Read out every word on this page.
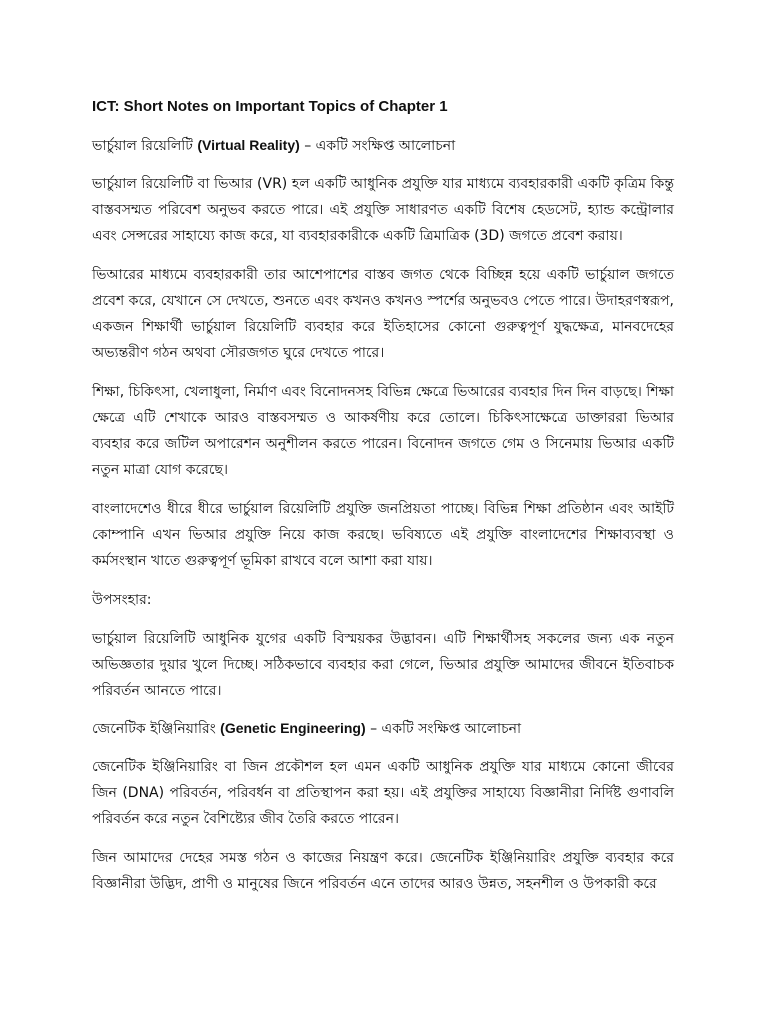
ICT: Short Notes on Important Topics of Chapter 1
ভার্চুয়াল রিয়েলিটি (Virtual Reality) – একটি সংক্ষিপ্ত আলোচনা

ভার্চুয়াল রিয়েলিটি বা ভিআর (VR) হল একটি আধুনিক প্রযুক্তি যার মাধ্যমে ব্যবহারকারী একটি কৃত্রিম কিন্তু বাস্তবসম্মত পরিবেশ অনুভব করতে পারে। এই প্রযুক্তি সাধারণত একটি বিশেষ হেডসেট, হ্যান্ড কন্ট্রোলার এবং সেন্সরের সাহায্যে কাজ করে, যা ব্যবহারকারীকে একটি ত্রিমাত্রিক (3D) জগতে প্রবেশ করায়।

ভিআরের মাধ্যমে ব্যবহারকারী তার আশেপাশের বাস্তব জগত থেকে বিচ্ছিন্ন হয়ে একটি ভার্চুয়াল জগতে প্রবেশ করে, যেখানে সে দেখতে, শুনতে এবং কখনও কখনও স্পর্শের অনুভবও পেতে পারে। উদাহরণস্বরূপ, একজন শিক্ষার্থী ভার্চুয়াল রিয়েলিটি ব্যবহার করে ইতিহাসের কোনো গুরুত্বপূর্ণ যুদ্ধক্ষেত্র, মানবদেহের অভ্যন্তরীণ গঠন অথবা সৌরজগত ঘুরে দেখতে পারে।

শিক্ষা, চিকিৎসা, খেলাধুলা, নির্মাণ এবং বিনোদনসহ বিভিন্ন ক্ষেত্রে ভিআরের ব্যবহার দিন দিন বাড়ছে। শিক্ষা ক্ষেত্রে এটি শেখাকে আরও বাস্তবসম্মত ও আকর্ষণীয় করে তোলে। চিকিৎসাক্ষেত্রে ডাক্তাররা ভিআর ব্যবহার করে জটিল অপারেশন অনুশীলন করতে পারেন। বিনোদন জগতে গেম ও সিনেমায় ভিআর একটি নতুন মাত্রা যোগ করেছে।

বাংলাদেশেও ধীরে ধীরে ভার্চুয়াল রিয়েলিটি প্রযুক্তি জনপ্রিয়তা পাচ্ছে। বিভিন্ন শিক্ষা প্রতিষ্ঠান এবং আইটি কোম্পানি এখন ভিআর প্রযুক্তি নিয়ে কাজ করছে। ভবিষ্যতে এই প্রযুক্তি বাংলাদেশের শিক্ষাব্যবস্থা ও কর্মসংস্থান খাতে গুরুত্বপূর্ণ ভূমিকা রাখবে বলে আশা করা যায়।

উপসংহার:

ভার্চুয়াল রিয়েলিটি আধুনিক যুগের একটি বিস্ময়কর উদ্ভাবন। এটি শিক্ষার্থীসহ সকলের জন্য এক নতুন অভিজ্ঞতার দুয়ার খুলে দিচ্ছে। সঠিকভাবে ব্যবহার করা গেলে, ভিআর প্রযুক্তি আমাদের জীবনে ইতিবাচক পরিবর্তন আনতে পারে।

জেনেটিক ইঞ্জিনিয়ারিং (Genetic Engineering) – একটি সংক্ষিপ্ত আলোচনা

জেনেটিক ইঞ্জিনিয়ারিং বা জিন প্রকৌশল হল এমন একটি আধুনিক প্রযুক্তি যার মাধ্যমে কোনো জীবের জিন (DNA) পরিবর্তন, পরিবর্ধন বা প্রতিস্থাপন করা হয়। এই প্রযুক্তির সাহায্যে বিজ্ঞানীরা নির্দিষ্ট গুণাবলি পরিবর্তন করে নতুন বৈশিষ্ট্যের জীব তৈরি করতে পারেন।

জিন আমাদের দেহের সমস্ত গঠন ও কাজের নিয়ন্ত্রণ করে। জেনেটিক ইঞ্জিনিয়ারিং প্রযুক্তি ব্যবহার করে বিজ্ঞানীরা উদ্ভিদ, প্রাণী ও মানুষের জিনে পরিবর্তন এনে তাদের আরও উন্নত, সহনশীল ও উপকারী করে
